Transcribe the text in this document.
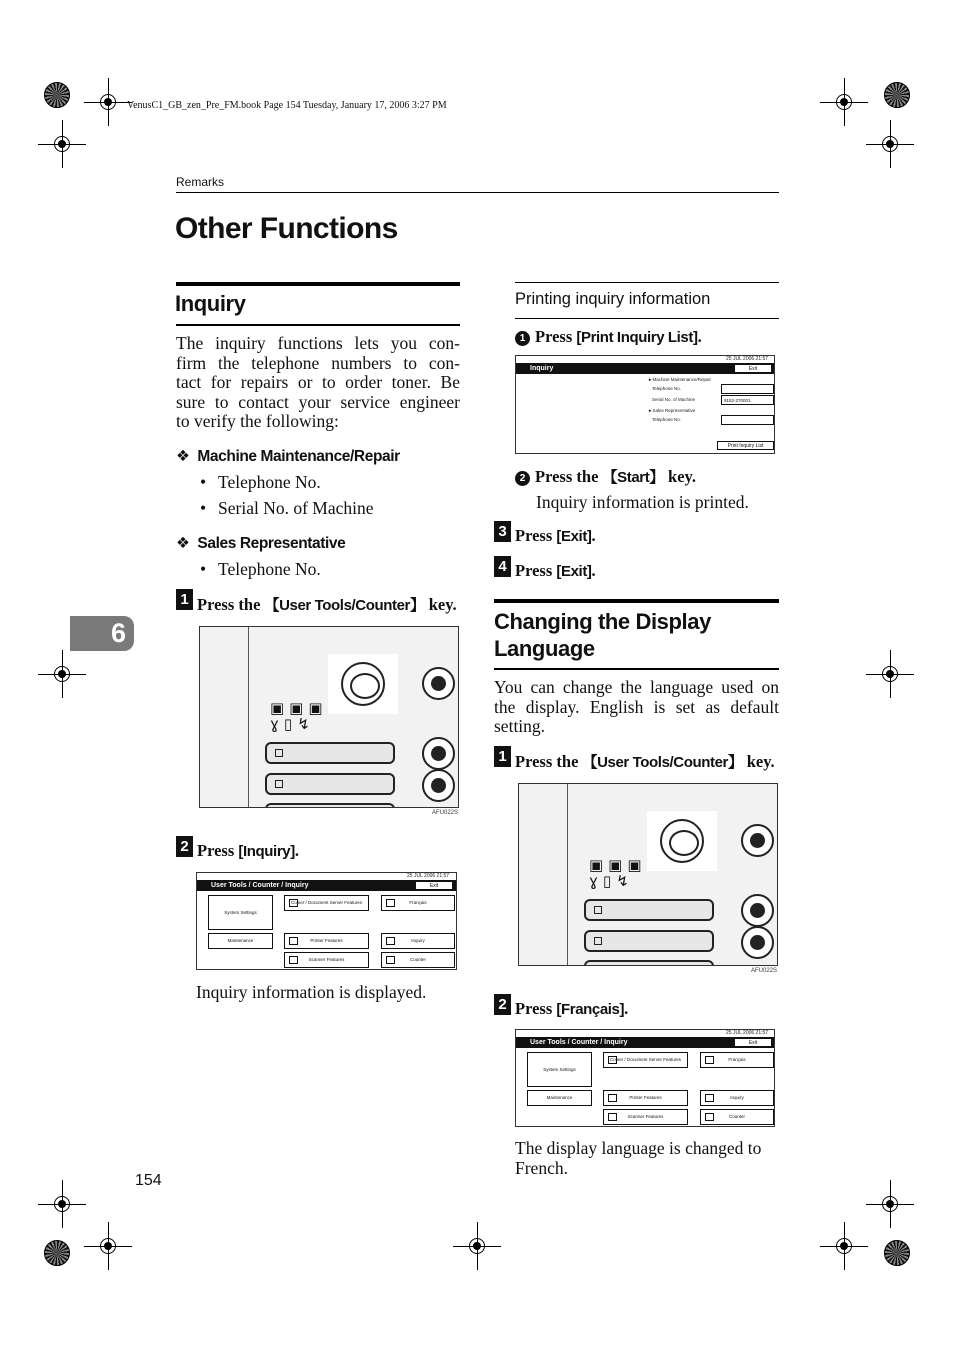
VenusC1_GB_zen_Pre_FM.book Page 154 Tuesday, January 17, 2006 3:27 PM
Remarks
Other Functions
6
Inquiry
The inquiry functions lets you con-
firm the telephone numbers to con-
tact for repairs or to order toner. Be
sure to contact your service engineer
to verify the following:
❖ Machine Maintenance/Repair
• Telephone No.
• Serial No. of Machine
❖ Sales Representative
• Telephone No.
1 Press the 【User Tools/Counter】 key.
▣▣▣
ɣ▯↯
AFU022S
2 Press [Inquiry].
25 JUL 2006 21:57
User Tools / Counter / Inquiry	Exit
System Settings
Copier / Document Server Features	Français
Maintenance	Printer Features	Inquiry
Scanner Features	Counter
Inquiry information is displayed.
Printing inquiry information
1 Press [Print Inquiry List].
25 JUL 2006 21:57
Inquiry	Exit
►Machine Maintenance/Repair
Telephone No.
Serial No. of Machine	9152-270001
►Sales Representative
Telephone No.
Print Inquiry List
2 Press the 【Start】 key.
Inquiry information is printed.
3 Press [Exit].
4 Press [Exit].
Changing the Display
Language
You can change the language used on
the display. English is set as default
setting.
1 Press the 【User Tools/Counter】 key.
▣▣▣
ɣ▯↯
AFU022S
2 Press [Français].
25 JUL 2006 21:57
User Tools / Counter / Inquiry	Exit
System Settings
Copier / Document Server Features	Français
Maintenance	Printer Features	Inquiry
Scanner Features	Counter
The display language is changed to
French.
154
